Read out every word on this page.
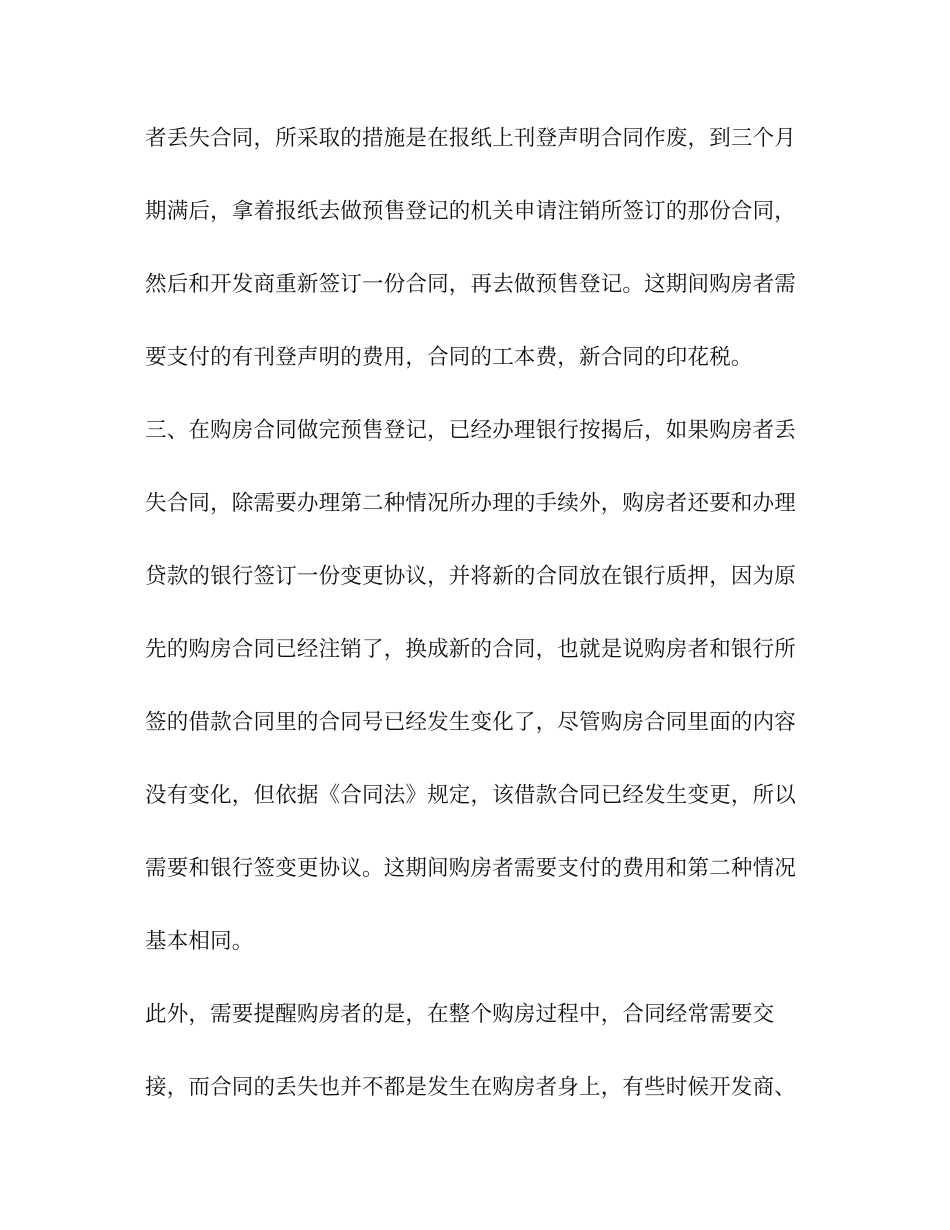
者丢失合同，所采取的措施是在报纸上刊登声明合同作废，到三个月
期满后，拿着报纸去做预售登记的机关申请注销所签订的那份合同，
然后和开发商重新签订一份合同，再去做预售登记。这期间购房者需
要支付的有刊登声明的费用，合同的工本费，新合同的印花税。
三、在购房合同做完预售登记，已经办理银行按揭后，如果购房者丢
失合同，除需要办理第二种情况所办理的手续外，购房者还要和办理
贷款的银行签订一份变更协议，并将新的合同放在银行质押，因为原
先的购房合同已经注销了，换成新的合同，也就是说购房者和银行所
签的借款合同里的合同号已经发生变化了，尽管购房合同里面的内容
没有变化，但依据《合同法》规定，该借款合同已经发生变更，所以
需要和银行签变更协议。这期间购房者需要支付的费用和第二种情况
基本相同。
此外，需要提醒购房者的是，在整个购房过程中，合同经常需要交
接，而合同的丢失也并不都是发生在购房者身上，有些时候开发商、
